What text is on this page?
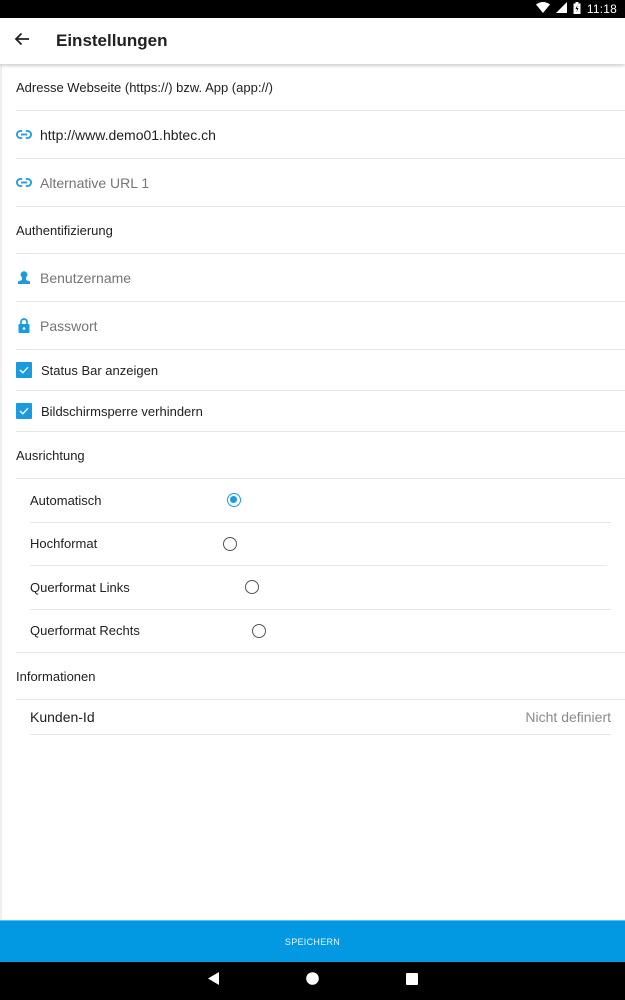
11:18
Einstellungen
Adresse Webseite (https://) bzw. App (app://)
http://www.demo01.hbtec.ch
Alternative URL 1
Authentifizierung
Benutzername
Status Bar anzeigen
Bildschirmsperre verhindern
Ausrichtung
Automatisch
Hochformat
Querformat Links
Querformat Rechts
Informationen
Kunden-Id	Nicht definiert
SPEICHERN
